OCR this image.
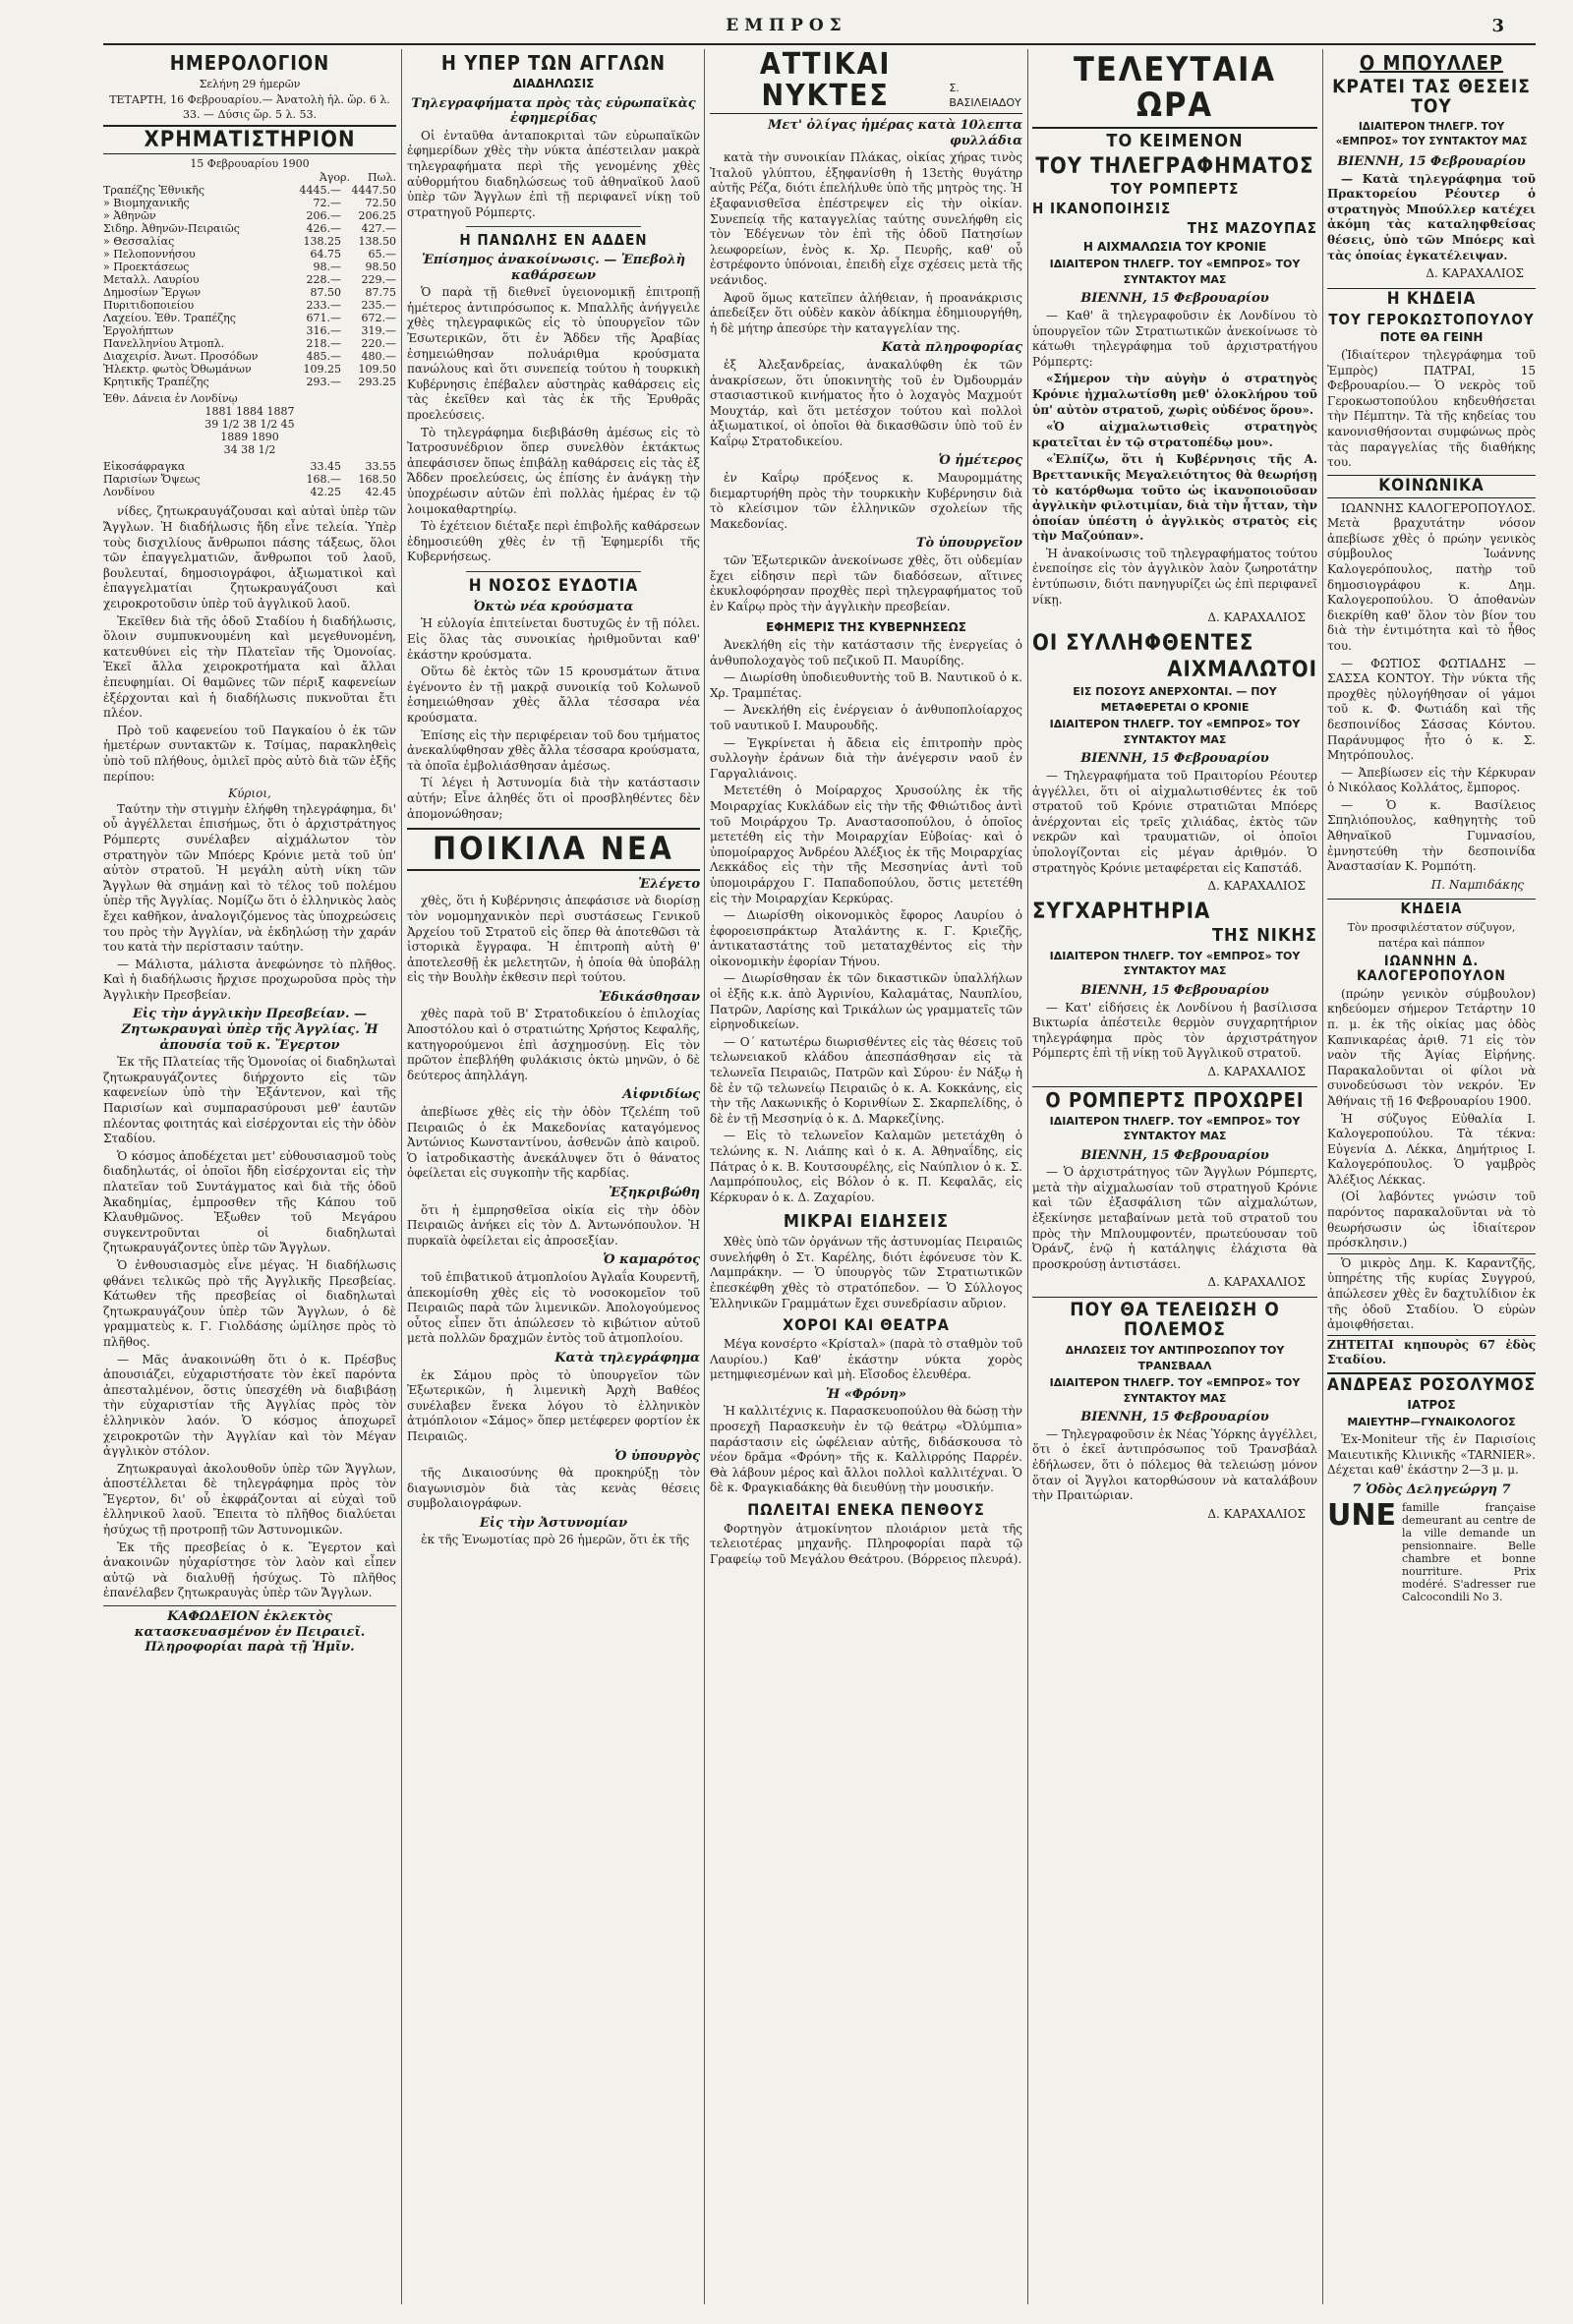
ΕΜΠΡΟΣ	3
ΗΜΕΡΟΛΟΓΙΟΝ
Σελήνη 29 ἡμερῶν
ΤΕΤΑΡΤΗ, 16 Φεβρουαρίου.— Ἀνατολὴ ἡλ. ὥρ. 6 λ. 33. — Δύσις ὥρ. 5 λ. 53.
ΧΡΗΜΑΤΙΣΤΗΡΙΟΝ
15 Φεβρουαρίου 1900
Ἀγορ. Πωλ.
Τραπέζης Ἐθνικῆς	4445.— 4447.50
» Βιομηχανικῆς	72.—	72.50
» Ἀθηνῶν	206.—	206.25
Σιδηρ. Ἀθηνῶν-Πειραιῶς	426.—	427.—
» Θεσσαλίας	138.25	138.50
» Πελοποννήσου	64.75	65.—
» Προεκτάσεως	98.—	98.50
Μεταλλ. Λαυρίου	228.—	229.—
Δημοσίων Ἔργων	87.50	87.75
Πυριτιδοποιείου	233.—	235.—
Λαχείου. Ἐθν. Τραπέζης	671.—	672.—
Ἐργολήπτων	316.—	319.—
Πανελληνίου Ἀτμοπλ.	218.—	220.—
Διαχειρίσ. Ἀνωτ. Προσόδων	485.—	480.—
Ἠλεκτρ. φωτὸς Ὀθωμάνων	109.25	109.50
Κρητικῆς Τραπέζης	293.—	293.25
Ἐθν. Δάνεια ἐν Λονδίνῳ
1881 1884 1887
39 1/2 38 1/2 45
1889 1890
34 38 1/2
Εἰκοσάφραγκα	33.45	33.55
Παρισίων Ὄψεως	168.—	168.50
Λονδίνου	42.25	42.45

νίδες, ζητωκραυγάζουσαι καὶ αὐταὶ ὑπὲρ τῶν Ἄγγλων. Ἡ διαδήλωσις ἤδη εἶνε τελεία. Ὑπὲρ τοὺς δισχιλίους ἄνθρωποι πάσης τάξεως, ὅλοι τῶν ἐπαγγελματιῶν, ἄνθρωποι τοῦ λαοῦ, βουλευταί, δημοσιογράφοι, ἀξιωματικοὶ καὶ ἐπαγγελματίαι ζητωκραυγάζουσι καὶ χειροκροτοῦσιν ὑπὲρ τοῦ ἀγγλικοῦ λαοῦ.

Ἐκεῖθεν διὰ τῆς ὁδοῦ Σταδίου ἡ διαδήλωσις, ὅλοιν συμπυκνουμένη καὶ μεγεθυνομένη, κατευθύνει εἰς τὴν Πλατεῖαν τῆς Ὁμονοίας. Ἐκεῖ ἄλλα χειροκροτήματα καὶ ἄλλαι ἐπευφημίαι. Οἱ θαμῶνες τῶν πέριξ καφενείων ἐξέρχονται καὶ ἡ διαδήλωσις πυκνοῦται ἔτι πλέον.

Πρὸ τοῦ καφενείου τοῦ Παγκαίου ὁ ἐκ τῶν ἡμετέρων συντακτῶν κ. Τσίμας, παρακληθεὶς ὑπὸ τοῦ πλήθους, ὁμιλεῖ πρὸς αὐτὸ διὰ τῶν ἑξῆς περίπου:

Κύριοι,

Ταύτην τὴν στιγμὴν ἐλήφθη τηλεγράφημα, δι' οὗ ἀγγέλλεται ἐπισήμως, ὅτι ὁ ἀρχιστράτηγος Ρόμπερτς συνέλαβεν αἰχμάλωτον τὸν στρατηγὸν τῶν Μπόερς Κρόνιε μετὰ τοῦ ὑπ' αὐτὸν στρατοῦ. Ἡ μεγάλη αὐτὴ νίκη τῶν Ἄγγλων θὰ σημάνῃ καὶ τὸ τέλος τοῦ πολέμου ὑπὲρ τῆς Ἀγγλίας. Νομίζω ὅτι ὁ ἑλληνικὸς λαὸς ἔχει καθῆκον, ἀναλογιζόμενος τὰς ὑποχρεώσεις του πρὸς τὴν Ἀγγλίαν, νὰ ἐκδηλώσῃ τὴν χαράν του κατὰ τὴν περίστασιν ταύτην.

— Μάλιστα, μάλιστα ἀνεφώνησε τὸ πλῆθος. Καὶ ἡ διαδήλωσις ἤρχισε προχωροῦσα πρὸς τὴν Ἀγγλικὴν Πρεσβείαν.

Εἰς τὴν ἀγγλικὴν Πρεσβείαν. — Ζητωκραυγαὶ ὑπὲρ τῆς Ἀγγλίας. Ἡ ἀπουσία τοῦ κ. Ἔγερτον

Ἐκ τῆς Πλατείας τῆς Ὁμονοίας οἱ διαδηλωταὶ ζητωκραυγάζοντες διήρχοντο εἰς τῶν καφενείων ὑπὸ τὴν Ἐξάντενον, καὶ τῆς Παρισίων καὶ συμπαρασύρουσι μεθ' ἑαυτῶν πλέοντας φοιτητάς καὶ εἰσέρχονται εἰς τὴν ὁδὸν Σταδίου.

Ὁ κόσμος ἀποδέχεται μετ' εὐθουσιασμοῦ τοὺς διαδηλωτάς, οἱ ὁποῖοι ἤδη εἰσέρχονται εἰς τὴν πλατεῖαν τοῦ Συντάγματος καὶ διὰ τῆς ὁδοῦ Ἀκαδημίας, ἐμπροσθεν τῆς Κάπου τοῦ Κλαυθμῶνος. Ἐξωθεν τοῦ Μεγάρου συγκεντροῦνται οἱ διαδηλωταὶ ζητωκραυγάζοντες ὑπὲρ τῶν Ἄγγλων.

Ὁ ἐνθουσιασμὸς εἶνε μέγας. Ἡ διαδήλωσις φθάνει τελικῶς πρὸ τῆς Ἀγγλικῆς Πρεσβείας. Κάτωθεν τῆς πρεσβείας οἱ διαδηλωταὶ ζητωκραυγάζουν ὑπὲρ τῶν Ἄγγλων, ὁ δὲ γραμματεὺς κ. Γ. Γιολδάσης ὡμίλησε πρὸς τὸ πλῆθος.

— Μᾶς ἀνακοινώθη ὅτι ὁ κ. Πρέσβυς ἀπουσιάζει, εὐχαριστήσατε τὸν ἐκεῖ παρόντα ἀπεσταλμένον, ὅστις ὑπεσχέθη νὰ διαβιβάσῃ τὴν εὐχαριστίαν τῆς Ἀγγλίας πρὸς τὸν ἑλληνικὸν λαόν. Ὁ κόσμος ἀποχωρεῖ χειροκροτῶν τὴν Ἀγγλίαν καὶ τὸν Μέγαν ἀγγλικὸν στόλον.

Ζητωκραυγαὶ ἀκολουθοῦν ὑπὲρ τῶν Ἄγγλων, ἀποστέλλεται δὲ τηλεγράφημα πρὸς τὸν Ἔγερτον, δι' οὗ ἐκφράζονται αἱ εὐχαὶ τοῦ ἑλληνικοῦ λαοῦ. Ἔπειτα τὸ πλῆθος διαλύεται ἡσύχως τῇ προτροπῇ τῶν Ἀστυνομικῶν.

Ἐκ τῆς πρεσβείας ὁ κ. Ἔγερτον καὶ ἀνακοινῶν ηὐχαρίστησε τὸν λαὸν καὶ εἶπεν αὐτῷ νὰ διαλυθῇ ἡσύχως. Τὸ πλῆθος ἐπανέλαβεν ζητωκραυγὰς ὑπὲρ τῶν Ἄγγλων.

ΚΑΦΩΔΕΙΟΝ ἐκλεκτὸς κατασκευασμένον ἐν Πειραιεῖ. Πληροφορίαι παρὰ τῇ Ἡμῖν.
Η ΥΠΕΡ ΤΩΝ ΑΓΓΛΩΝ
ΔΙΑΔΗΛΩΣΙΣ
Τηλεγραφήματα πρὸς τὰς εὐρωπαϊκὰς ἐφημερίδας

Οἱ ἐνταῦθα ἀνταποκριταὶ τῶν εὐρωπαϊκῶν ἐφημερίδων χθὲς τὴν νύκτα ἀπέστειλαν μακρὰ τηλεγραφήματα περὶ τῆς γενομένης χθὲς αὐθορμήτου διαδηλώσεως τοῦ ἀθηναϊκοῦ λαοῦ ὑπὲρ τῶν Ἄγγλων ἐπὶ τῇ περιφανεῖ νίκῃ τοῦ στρατηγοῦ Ρόμπερτς.

Η ΠΑΝΩΛΗΣ ΕΝ ΑΔΔΕΝ
Ἐπίσημος ἀνακοίνωσις. — Ἐπεβολὴ καθάρσεων

Ὁ παρὰ τῇ διεθνεῖ ὑγειονομικῇ ἐπιτροπῇ ἡμέτερος ἀντιπρόσωπος κ. Μπαλλῆς ἀνήγγειλε χθὲς τηλεγραφικῶς εἰς τὸ ὑπουργεῖον τῶν Ἐσωτερικῶν, ὅτι ἐν Ἄδδεν τῆς Ἀραβίας ἐσημειώθησαν πολυάριθμα κρούσματα πανώλους καὶ ὅτι συνεπείᾳ τούτου ἡ τουρκικὴ Κυβέρνησις ἐπέβαλεν αὐστηρὰς καθάρσεις εἰς τὰς ἐκεῖθεν καὶ τὰς ἐκ τῆς Ἐρυθρᾶς προελεύσεις.

Τὸ τηλεγράφημα διεβιβάσθη ἀμέσως εἰς τὸ Ἰατροσυνέδριον ὅπερ συνελθὸν ἐκτάκτως ἀπεφάσισεν ὅπως ἐπιβάλῃ καθάρσεις εἰς τὰς ἐξ Ἄδδεν προελεύσεις, ὡς ἐπίσης ἐν ἀνάγκῃ τὴν ὑποχρέωσιν αὐτῶν ἐπὶ πολλὰς ἡμέρας ἐν τῷ λοιμοκαθαρτηρίῳ.

Τὸ ἐχέτειον διέταξε περὶ ἐπιβολῆς καθάρσεων ἐδημοσιεύθη χθὲς ἐν τῇ Ἐφημερίδι τῆς Κυβερνήσεως.

Η ΝΟΣΟΣ ΕΥΔΟΤΙΑ
Ὀκτὼ νέα κρούσματα

Ἡ εὐλογία ἐπιτείνεται δυστυχῶς ἐν τῇ πόλει. Εἰς ὅλας τὰς συνοικίας ἠριθμοῦνται καθ' ἑκάστην κρούσματα.

Οὕτω δὲ ἐκτὸς τῶν 15 κρουσμάτων ἅτινα ἐγένοντο ἐν τῇ μακρᾷ συνοικίᾳ τοῦ Κολωνοῦ ἐσημειώθησαν χθὲς ἄλλα τέσσαρα νέα κρούσματα.

Ἐπίσης εἰς τὴν περιφέρειαν τοῦ δου τμήματος ἀνεκαλύφθησαν χθὲς ἄλλα τέσσαρα κρούσματα, τὰ ὁποῖα ἐμβολιάσθησαν ἀμέσως.

Τί λέγει ἡ Ἀστυνομία διὰ τὴν κατάστασιν αὐτήν; Εἶνε ἀληθές ὅτι οἱ προσβληθέντες δὲν ἀπομονώθησαν;

ΠΟΙΚΙΛΑ ΝΕΑ
Ἐλέγετο

χθὲς, ὅτι ἡ Κυβέρνησις ἀπεφάσισε νὰ διορίσῃ τὸν νομομηχανικὸν περὶ συστάσεως Γενικοῦ Ἀρχείου τοῦ Στρατοῦ εἰς ὅπερ θὰ ἀποτεθῶσι τὰ ἱστορικὰ ἔγγραφα. Ἡ ἐπιτροπὴ αὐτὴ θ' ἀποτελεσθῇ ἐκ μελετητῶν, ἡ ὁποία θὰ ὑποβάλῃ εἰς τὴν Βουλὴν ἐκθεσιν περὶ τούτου.

Ἐδικάσθησαν

χθὲς παρὰ τοῦ Β' Στρατοδικείου ὁ ἐπιλοχίας Ἀποστόλου καὶ ὁ στρατιώτης Χρήστος Κεφαλῆς, κατηγορούμενοι ἐπὶ ἀσχημοσύνῃ. Εἰς τὸν πρῶτον ἐπεβλήθη φυλάκισις ὀκτὼ μηνῶν, ὁ δὲ δεύτερος ἀπηλλάγη.

Αἰφνιδίως

ἀπεβίωσε χθὲς εἰς τὴν ὁδὸν Τζελέπη τοῦ Πειραιῶς ὁ ἐκ Μακεδονίας καταγόμενος Ἀντώνιος Κωνσταντίνου, ἀσθενῶν ἀπὸ καιροῦ. Ὁ ἰατροδικαστὴς ἀνεκάλυψεν ὅτι ὁ θάνατος ὀφείλεται εἰς συγκοπὴν τῆς καρδίας.

Ἐξηκριβώθη

ὅτι ἡ ἐμπρησθεῖσα οἰκία εἰς τὴν ὁδὸν Πειραιῶς ἀνήκει εἰς τὸν Δ. Ἀντωνόπουλον. Ἡ πυρκαϊὰ ὀφείλεται εἰς ἀπροσεξίαν.

Ὁ καμαρότος

τοῦ ἐπιβατικοῦ ἀτμοπλοίου Ἀγλαΐα Κουρεντῆ, ἀπεκομίσθη χθὲς εἰς τὸ νοσοκομεῖον τοῦ Πειραιῶς παρὰ τῶν λιμενικῶν. Ἀπολογούμενος οὗτος εἶπεν ὅτι ἀπώλεσεν τὸ κιβώτιον αὐτοῦ μετὰ πολλῶν δραχμῶν ἐντὸς τοῦ ἀτμοπλοίου.

Κατὰ τηλεγράφημα

ἐκ Σάμου πρὸς τὸ ὑπουργεῖον τῶν Ἐξωτερικῶν, ἡ λιμενικὴ Ἀρχὴ Βαθέος συνέλαβεν ἕνεκα λόγου τὸ ἑλληνικὸν ἀτμόπλοιον «Σάμος» ὅπερ μετέφερεν φορτίον ἐκ Πειραιῶς.

Ὁ ὑπουργὸς

τῆς Δικαιοσύνης θὰ προκηρύξῃ τὸν διαγωνισμὸν διὰ τὰς κενὰς θέσεις συμβολαιογράφων.

Εἰς τὴν Ἀστυνομίαν

ἐκ τῆς Ἐνωμοτίας πρὸ 26 ἡμερῶν, ὅτι ἐκ τῆς

ΑΤΤΙΚΑΙ ΝΥΚΤΕΣ	Σ. ΒΑΣΙΛΕΙΑΔΟΥ
Μετ' ὀλίγας ἡμέρας κατὰ 10λεπτα φυλλάδια

κατὰ τὴν συνοικίαν Πλάκας, οἰκίας χήρας τινὸς Ἰταλοῦ γλύπτου, ἐξηφανίσθη ἡ 13ετὴς θυγάτηρ αὐτῆς Ρέζα, διότι ἐπελήλυθε ὑπὸ τῆς μητρὸς της. Ἡ ἐξαφανισθεῖσα ἐπέστρεψεν εἰς τὴν οἰκίαν. Συνεπείᾳ τῆς καταγγελίας ταύτης συνελήφθη εἰς τὸν Ἐδέγενων τὸν ἐπὶ τῆς ὁδοῦ Πατησίων λεωφορείων, ἑνὸς κ. Χρ. Πευρῆς, καθ' οὗ ἐστρέφοντο ὑπόνοιαι, ἐπειδὴ εἶχε σχέσεις μετὰ τῆς νεάνιδος.

Ἀφοῦ ὅμως κατεῖπεν ἀλήθειαν, ἡ προανάκρισις ἀπεδείξεν ὅτι οὐδὲν κακὸν ἀδίκημα ἐδημιουργήθη, ἡ δὲ μήτηρ ἀπεσύρε τὴν καταγγελίαν της.

Κατὰ πληροφορίας

ἐξ Ἀλεξανδρείας, ἀνακαλύφθη ἐκ τῶν ἀνακρίσεων, ὅτι ὑποκινητὴς τοῦ ἐν Ὀμδουρμάν στασιαστικοῦ κινήματος ἦτο ὁ λοχαγὸς Μαχμούτ Μουχτάρ, καὶ ὅτι μετέσχον τούτου καὶ πολλοὶ ἀξιωματικοί, οἱ ὁποῖοι θὰ δικασθῶσιν ὑπὸ τοῦ ἐν Καΐρῳ Στρατοδικείου.

Ὁ ἡμέτερος

ἐν Καΐρῳ πρόξενος κ. Μαυρομμάτης διεμαρτυρήθη πρὸς τὴν τουρκικὴν Κυβέρνησιν διὰ τὸ κλείσιμον τῶν ἑλληνικῶν σχολείων τῆς Μακεδονίας.

Τὸ ὑπουργεῖον

τῶν Ἐξωτερικῶν ἀνεκοίνωσε χθὲς, ὅτι οὐδεμίαν ἔχει εἰδησιν περὶ τῶν διαδόσεων, αἵτινες ἐκυκλοφόρησαν προχθὲς περὶ τηλεγραφήματος τοῦ ἐν Καΐρῳ πρὸς τὴν ἀγγλικὴν πρεσβείαν.

ΕΦΗΜΕΡΙΣ ΤΗΣ ΚΥΒΕΡΝΗΣΕΩΣ

Ἀνεκλήθη εἰς τὴν κατάστασιν τῆς ἐνεργείας ὁ ἀνθυπολοχαγὸς τοῦ πεζικοῦ Π. Μαυρίδης.

— Διωρίσθη ὑποδιευθυντὴς τοῦ Β. Ναυτικοῦ ὁ κ. Χρ. Τραμπέτας.

— Ἀνεκλήθη εἰς ἐνέργειαν ὁ ἀνθυποπλοίαρχος τοῦ ναυτικοῦ Ι. Μαυρουδῆς.

— Ἐγκρίνεται ἡ ἄδεια εἰς ἐπιτροπὴν πρὸς συλλογὴν ἐράνων διὰ τὴν ἀνέγερσιν ναοῦ ἐν Γαργαλιάνοις.

Μετετέθη ὁ Μοίραρχος Χρυσούλης ἐκ τῆς Μοιραρχίας Κυκλάδων εἰς τὴν τῆς Φθιώτιδος ἀντὶ τοῦ Μοιράρχου Τρ. Αναστασοπούλου, ὁ ὁποῖος μετετέθη εἰς τὴν Μοιραρχίαν Εὐβοίας· καὶ ὁ ὑπομοίραρχος Ἀνδρέου Ἀλέξιος ἐκ τῆς Μοιραρχίας Λεκκάδος εἰς τὴν τῆς Μεσσηνίας ἀντὶ τοῦ ὑπομοιράρχου Γ. Παπαδοπούλου, ὅστις μετετέθη εἰς τὴν Μοιραρχίαν Κερκύρας.

— Διωρίσθη οἰκονομικὸς ἔφορος Λαυρίου ὁ ἐφοροεισπράκτωρ Ἀταλάντης κ. Γ. Κριεζῆς, ἀντικαταστάτης τοῦ μεταταχθέντος εἰς τὴν οἰκονομικὴν ἐφορίαν Τήνου.

— Διωρίσθησαν ἐκ τῶν δικαστικῶν ὑπαλλήλων οἱ ἑξῆς κ.κ. ἀπὸ Ἀγρινίου, Καλαμάτας, Ναυπλίου, Πατρῶν, Λαρίσης καὶ Τρικάλων ὡς γραμματεῖς τῶν εἰρηνοδικείων.

— Ο΄ κατωτέρω διωρισθέντες εἰς τὰς θέσεις τοῦ τελωνειακοῦ κλάδου ἀπεσπάσθησαν εἰς τὰ τελωνεῖα Πειραιῶς, Πατρῶν καὶ Σύρου· ἐν Νάξῳ ἡ δὲ ἐν τῷ τελωνείῳ Πειραιῶς ὁ κ. Α. Κοκκάνης, εἰς τὴν τῆς Λακωνικῆς ὁ Κορινθίων Σ. Σκαρπελίδης, ὁ δὲ ἐν τῇ Μεσσηνίᾳ ὁ κ. Δ. Μαρκεζίνης.

— Εἰς τὸ τελωνεῖον Καλαμῶν μετετάχθη ὁ τελώνης κ. Ν. Λιάπης καὶ ὁ κ. Α. Ἀθηναΐδης, εἰς Πάτρας ὁ κ. Β. Κουτσουρέλης, εἰς Ναύπλιον ὁ κ. Σ. Λαμπρόπουλος, εἰς Βόλον ὁ κ. Π. Κεφαλᾶς, εἰς Κέρκυραν ὁ κ. Δ. Ζαχαρίου.

ΜΙΚΡΑΙ ΕΙΔΗΣΕΙΣ

Χθὲς ὑπὸ τῶν ὀργάνων τῆς ἀστυνομίας Πειραιῶς συνελήφθη ὁ Στ. Καρέλης, διότι ἐφόνευσε τὸν Κ. Λαμπράκην. — Ὁ ὑπουργὸς τῶν Στρατιωτικῶν ἐπεσκέφθη χθὲς τὸ στρατόπεδον. — Ὁ Σύλλογος Ἑλληνικῶν Γραμμάτων ἔχει συνεδρίασιν αὔριον.

ΧΟΡΟΙ ΚΑΙ ΘΕΑΤΡΑ

Μέγα κονσέρτο «Κρίσταλ» (παρὰ τὸ σταθμὸν τοῦ Λαυρίου.) Καθ' ἑκάστην νύκτα χορὸς μετημφιεσμένων καὶ μὴ. Εἴσοδος ἐλευθέρα.

Ἡ «Φρόνη»

Ἡ καλλιτέχνις κ. Παρασκευοπούλου θὰ δώσῃ τὴν προσεχῆ Παρασκευὴν ἐν τῷ θεάτρῳ «Ὀλύμπια» παράστασιν εἰς ὠφέλειαν αὐτῆς, διδάσκουσα τὸ νέον δρᾶμα «Φρόνη» τῆς κ. Καλλιρρόης Παρρέν. Θὰ λάβουν μέρος καὶ ἄλλοι πολλοὶ καλλιτέχναι. Ὁ δὲ κ. Φραγκιαδάκης θὰ διευθύνῃ τὴν μουσικήν.

ΠΩΛΕΙΤΑΙ ΕΝΕΚΑ ΠΕΝΘΟΥΣ

Φορτηγὸν ἀτμοκίνητον πλοιάριον μετὰ τῆς τελειοτέρας μηχανῆς. Πληροφορίαι παρὰ τῷ Γραφείῳ τοῦ Μεγάλου Θεάτρου. (Βόρρειος πλευρά).

ΤΕΛΕΥΤΑΙΑ ΩΡΑ
ΤΟ ΚΕΙΜΕΝΟΝ
ΤΟΥ ΤΗΛΕΓΡΑΦΗΜΑΤΟΣ
ΤΟΥ ΡΟΜΠΕΡΤΣ
Η ΙΚΑΝΟΠΟΙΗΣΙΣ
ΤΗΣ ΜΑΖΟΥΠΑΣ
Η ΑΙΧΜΑΛΩΣΙΑ ΤΟΥ ΚΡΟΝΙΕ
ΙΔΙΑΙΤΕΡΟΝ ΤΗΛΕΓΡ. ΤΟΥ «ΕΜΠΡΟΣ» ΤΟΥ ΣΥΝΤΑΚΤΟΥ ΜΑΣ
ΒΙΕΝΝΗ, 15 Φεβρουαρίου

— Καθ' ἃ τηλεγραφοῦσιν ἐκ Λονδίνου τὸ ὑπουργεῖον τῶν Στρατιωτικῶν ἀνεκοίνωσε τὸ κάτωθι τηλεγράφημα τοῦ ἀρχιστρατήγου Ρόμπερτς:

«Σήμερον τὴν αὐγὴν ὁ στρατηγὸς Κρόνιε ἠχμαλωτίσθη μεθ' ὁλοκλήρου τοῦ ὑπ' αὐτὸν στρατοῦ, χωρὶς οὐδένος ὅρου».

«Ὁ αἰχμαλωτισθεὶς στρατηγὸς κρατεῖται ἐν τῷ στρατοπέδῳ μου».

«Ἐλπίζω, ὅτι ἡ Κυβέρνησις τῆς Α. Βρεττανικῆς Μεγαλειότητος θὰ θεωρήσῃ τὸ κατόρθωμα τοῦτο ὡς ἱκανοποιοῦσαν ἀγγλικὴν φιλοτιμίαν, διὰ τὴν ἧτταν, τὴν ὁποίαν ὑπέστη ὁ ἀγγλικὸς στρατὸς εἰς τὴν Μαζούπαν».

Ἡ ἀνακοίνωσις τοῦ τηλεγραφήματος τούτου ἐνεποίησε εἰς τὸν ἀγγλικὸν λαὸν ζωηροτάτην ἐντύπωσιν, διότι πανηγυρίζει ὡς ἐπὶ περιφανεῖ νίκῃ.

Δ. ΚΑΡΑΧΑΛΙΟΣ
ΟΙ ΣΥΛΛΗΦΘΕΝΤΕΣ
ΑΙΧΜΑΛΩΤΟΙ
ΕΙΣ ΠΟΣΟΥΣ ΑΝΕΡΧΟΝΤΑΙ. — ΠΟΥ ΜΕΤΑΦΕΡΕΤΑΙ Ο ΚΡΟΝΙΕ
ΙΔΙΑΙΤΕΡΟΝ ΤΗΛΕΓΡ. ΤΟΥ «ΕΜΠΡΟΣ» ΤΟΥ ΣΥΝΤΑΚΤΟΥ ΜΑΣ
ΒΙΕΝΝΗ, 15 Φεβρουαρίου

— Τηλεγραφήματα τοῦ Πραιτορίου Ρέουτερ ἀγγέλλει, ὅτι οἱ αἰχμαλωτισθέντες ἐκ τοῦ στρατοῦ τοῦ Κρόνιε στρατιῶται Μπόερς ἀνέρχονται εἰς τρεῖς χιλιάδας, ἐκτὸς τῶν νεκρῶν καὶ τραυματιῶν, οἱ ὁποῖοι ὑπολογίζονται εἰς μέγαν ἀριθμόν. Ὁ στρατηγὸς Κρόνιε μεταφέρεται εἰς Καπστάδ.

Δ. ΚΑΡΑΧΑΛΙΟΣ
ΣΥΓΧΑΡΗΤΗΡΙΑ
ΤΗΣ ΝΙΚΗΣ
ΙΔΙΑΙΤΕΡΟΝ ΤΗΛΕΓΡ. ΤΟΥ «ΕΜΠΡΟΣ» ΤΟΥ ΣΥΝΤΑΚΤΟΥ ΜΑΣ
ΒΙΕΝΝΗ, 15 Φεβρουαρίου

— Κατ' εἰδήσεις ἐκ Λονδίνου ἡ βασίλισσα Βικτωρία ἀπέστειλε θερμὸν συγχαρητήριον τηλεγράφημα πρὸς τὸν ἀρχιστράτηγον Ρόμπερτς ἐπὶ τῇ νίκῃ τοῦ Ἀγγλικοῦ στρατοῦ.

Δ. ΚΑΡΑΧΑΛΙΟΣ
Ο ΡΟΜΠΕΡΤΣ ΠΡΟΧΩΡΕΙ
ΙΔΙΑΙΤΕΡΟΝ ΤΗΛΕΓΡ. ΤΟΥ «ΕΜΠΡΟΣ» ΤΟΥ ΣΥΝΤΑΚΤΟΥ ΜΑΣ
ΒΙΕΝΝΗ, 15 Φεβρουαρίου

— Ὁ ἀρχιστράτηγος τῶν Ἄγγλων Ρόμπερτς, μετὰ τὴν αἰχμαλωσίαν τοῦ στρατηγοῦ Κρόνιε καὶ τῶν ἐξασφάλιση τῶν αἰχμαλώτων, ἐξεκίνησε μεταβαίνων μετὰ τοῦ στρατοῦ του πρὸς τὴν Μπλουμφοντέν, πρωτεύουσαν τοῦ Ὀράνζ, ἐνῷ ἡ κατάληψις ἐλάχιστα θὰ προσκρούσῃ ἀντιστάσει.

Δ. ΚΑΡΑΧΑΛΙΟΣ
ΠΟΥ ΘΑ ΤΕΛΕΙΩΣΗ Ο ΠΟΛΕΜΟΣ
ΔΗΛΩΣΕΙΣ ΤΟΥ ΑΝΤΙΠΡΟΣΩΠΟΥ ΤΟΥ ΤΡΑΝΣΒΑΑΛ
ΙΔΙΑΙΤΕΡΟΝ ΤΗΛΕΓΡ. ΤΟΥ «ΕΜΠΡΟΣ» ΤΟΥ ΣΥΝΤΑΚΤΟΥ ΜΑΣ
ΒΙΕΝΝΗ, 15 Φεβρουαρίου

— Τηλεγραφοῦσιν ἐκ Νέας Ὑόρκης ἀγγέλλει, ὅτι ὁ ἐκεῖ ἀντιπρόσωπος τοῦ Τρανσβάαλ ἐδήλωσεν, ὅτι ὁ πόλεμος θὰ τελειώσῃ μόνον ὅταν οἱ Ἄγγλοι κατορθώσουν νὰ καταλάβουν τὴν Πραιτώριαν.

Δ. ΚΑΡΑΧΑΛΙΟΣ
Ο ΜΠΟΥΛΛΕΡ
ΚΡΑΤΕΙ ΤΑΣ ΘΕΣΕΙΣ ΤΟΥ
ΙΔΙΑΙΤΕΡΟΝ ΤΗΛΕΓΡ. ΤΟΥ «ΕΜΠΡΟΣ» ΤΟΥ ΣΥΝΤΑΚΤΟΥ ΜΑΣ
ΒΙΕΝΝΗ, 15 Φεβρουαρίου

— Κατὰ τηλεγράφημα τοῦ Πρακτορείου Ρέουτερ ὁ στρατηγὸς Μπούλλερ κατέχει ἀκόμη τὰς καταληφθείσας θέσεις, ὑπὸ τῶν Μπόερς καὶ τὰς ὁποίας ἐγκατέλειψαν.

Δ. ΚΑΡΑΧΑΛΙΟΣ
Η ΚΗΔΕΙΑ
ΤΟΥ ΓΕΡΟΚΩΣΤΟΠΟΥΛΟΥ
ΠΟΤΕ ΘΑ ΓΕΙΝΗ

(Ἰδιαίτερον τηλεγράφημα τοῦ Ἐμπρὸς) ΠΑΤΡΑΙ, 15 Φεβρουαρίου.— Ὁ νεκρὸς τοῦ Γεροκωστοπούλου κηδευθήσεται τὴν Πέμπτην. Τὰ τῆς κηδείας του κανονισθήσονται συμφώνως πρὸς τὰς παραγγελίας τῆς διαθήκης του.

ΚΟΙΝΩΝΙΚΑ

ΙΩΑΝΝΗΣ ΚΑΛΟΓΕΡΟΠΟΥΛΟΣ. Μετὰ βραχυτάτην νόσον ἀπεβίωσε χθὲς ὁ πρώην γενικὸς σύμβουλος Ἰωάννης Καλογερόπουλος, πατὴρ τοῦ δημοσιογράφου κ. Δημ. Καλογεροπούλου. Ὁ ἀποθανὼν διεκρίθη καθ' ὅλον τὸν βίον του διὰ τὴν ἐντιμότητα καὶ τὸ ἦθος του.

— ΦΩΤΙΟΣ ΦΩΤΙΑΔΗΣ — ΣΑΣΣΑ ΚΟΝΤΟΥ. Τὴν νύκτα τῆς προχθὲς ηὐλογήθησαν οἱ γάμοι τοῦ κ. Φ. Φωτιάδη καὶ τῆς δεσποινίδος Σάσσας Κόντου. Παράνυμφος ἦτο ὁ κ. Σ. Μητρόπουλος.

— Ἀπεβίωσεν εἰς τὴν Κέρκυραν ὁ Νικόλαος Κολλάτος, ἔμπορος.

— Ὁ κ. Βασίλειος Σπηλιόπουλος, καθηγητὴς τοῦ Ἀθηναϊκοῦ Γυμνασίου, ἐμνηστεύθη τὴν δεσποινίδα Ἀναστασίαν Κ. Ρομπότη.

Π. Ναμπιδάκης
ΚΗΔΕΙΑ
Τὸν προσφιλέστατον σύζυγον, πατέρα καὶ πάππον
ΙΩΑΝΝΗΝ Δ. ΚΑΛΟΓΕΡΟΠΟΥΛΟΝ

(πρώην γενικὸν σύμβουλον) κηδεύομεν σήμερον Τετάρτην 10 π. μ. ἐκ τῆς οἰκίας μας ὁδὸς Καπνικαρέας ἀριθ. 71 εἰς τὸν ναὸν τῆς Ἁγίας Εἰρήνης. Παρακαλοῦνται οἱ φίλοι νὰ συνοδεύσωσι τὸν νεκρόν. Ἐν Ἀθήναις τῇ 16 Φεβρουαρίου 1900.

Ἡ σύζυγος Εὐθαλία Ι. Καλογεροπούλου. Τὰ τέκνα: Εὐγενία Δ. Λέκκα, Δημήτριος Ι. Καλογερόπουλος. Ὁ γαμβρὸς Ἀλέξιος Λέκκας.

(Οἱ λαβόντες γνώσιν τοῦ παρόντος παρακαλοῦνται νὰ τὸ θεωρήσωσιν ὡς ἰδιαίτερον πρόσκλησιν.)

Ὁ μικρὸς Δημ. Κ. Καραντζῆς, ὑπηρέτης τῆς κυρίας Συγγρού, ἀπώλεσεν χθὲς ἓν δαχτυλίδιον ἐκ τῆς ὁδοῦ Σταδίου. Ὁ εὑρὼν ἀμοιφθήσεται.

ΖΗΤΕΙΤΑΙ κηπουρὸς 67 ἐδὸς Σταδίου.
ΑΝΔΡΕΑΣ ΡΟΣΟΛΥΜΟΣ
ΙΑΤΡΟΣ
ΜΑΙΕΥΤΗΡ—ΓΥΝΑΙΚΟΛΟΓΟΣ

Ἐx-Moniteur τῆς ἐν Παρισίοις Μαιευτικῆς Κλινικῆς «TARNIER». Δέχεται καθ' ἑκάστην 2—3 μ. μ.

7 Ὁδὸς Δεληγεώργη 7
UNE famille française demeurant au centre de la ville demande un pensionnaire. Belle chambre et bonne nourriture. Prix modéré. S'adresser rue Calcocondili No 3.
